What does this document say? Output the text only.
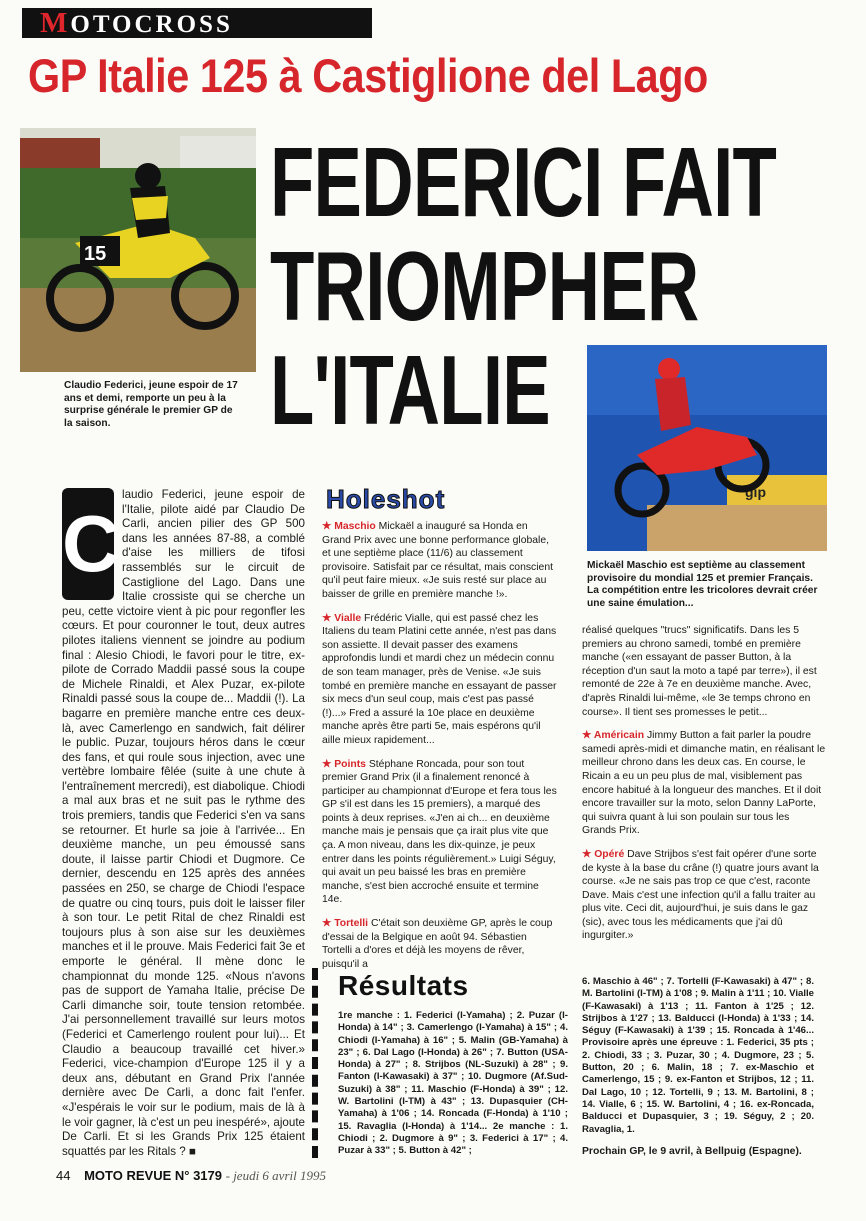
MOTOCROSS
GP Italie 125 à Castiglione del Lago
15
Claudio Federici, jeune espoir de 17 ans et demi, remporte un peu à la surprise générale le premier GP de la saison.
FEDERICI FAIT
TRIOMPHER
L'ITALIE
gip
Mickaël Maschio est septième au classement provisoire du mondial 125 et premier Français. La compétition entre les tricolores devrait créer une saine émulation...
C

laudio Federici, jeune espoir de l'Italie, pilote aidé par Claudio De Carli, ancien pilier des GP 500 dans les années 87-88, a comblé d'aise les milliers de tifosi rassemblés sur le circuit de Castiglione del Lago. Dans une Italie crossiste qui se cherche un peu, cette victoire vient à pic pour regonfler les cœurs. Et pour couronner le tout, deux autres pilotes italiens viennent se joindre au podium final : Alesio Chiodi, le favori pour le titre, ex-pilote de Corrado Maddii passé sous la coupe de Michele Rinaldi, et Alex Puzar, ex-pilote Rinaldi passé sous la coupe de... Maddii (!). La bagarre en première manche entre ces deux-là, avec Camerlengo en sandwich, fait délirer le public. Puzar, toujours héros dans le cœur des fans, et qui roule sous injection, avec une vertèbre lombaire fêlée (suite à une chute à l'entraînement mercredi), est diabolique. Chiodi a mal aux bras et ne suit pas le rythme des trois premiers, tandis que Federici s'en va sans se retourner. Et hurle sa joie à l'arrivée... En deuxième manche, un peu émoussé sans doute, il laisse partir Chiodi et Dugmore. Ce dernier, descendu en 125 après des années passées en 250, se charge de Chiodi l'espace de quatre ou cinq tours, puis doit le laisser filer à son tour. Le petit Rital de chez Rinaldi est toujours plus à son aise sur les deuxièmes manches et il le prouve. Mais Federici fait 3e et emporte le général. Il mène donc le championnat du monde 125. «Nous n'avons pas de support de Yamaha Italie, précise De Carli dimanche soir, toute tension retombée. J'ai personnellement travaillé sur leurs motos (Federici et Camerlengo roulent pour lui)... Et Claudio a beaucoup travaillé cet hiver.» Federici, vice-champion d'Europe 125 il y a deux ans, débutant en Grand Prix l'année dernière avec De Carli, a donc fait l'enfer. «J'espérais le voir sur le podium, mais de là à le voir gagner, là c'est un peu inespéré», ajoute De Carli. Et si les Grands Prix 125 étaient squattés par les Ritals ? ■

Holeshot

★ Maschio Mickaël a inauguré sa Honda en Grand Prix avec une bonne performance globale, et une septième place (11/6) au classement provisoire. Satisfait par ce résultat, mais conscient qu'il peut faire mieux. «Je suis resté sur place au baisser de grille en première manche !».

★ Vialle Frédéric Vialle, qui est passé chez les Italiens du team Platini cette année, n'est pas dans son assiette. Il devait passer des examens approfondis lundi et mardi chez un médecin connu de son team manager, près de Venise. «Je suis tombé en première manche en essayant de passer six mecs d'un seul coup, mais c'est pas passé (!)...» Fred a assuré la 10e place en deuxième manche après être parti 5e, mais espérons qu'il aille mieux rapidement...

★ Points Stéphane Roncada, pour son tout premier Grand Prix (il a finalement renoncé à participer au championnat d'Europe et fera tous les GP s'il est dans les 15 premiers), a marqué des points à deux reprises. «J'en ai ch... en deuxième manche mais je pensais que ça irait plus vite que ça. A mon niveau, dans les dix-quinze, je peux entrer dans les points régulièrement.» Luigi Séguy, qui avait un peu baissé les bras en première manche, s'est bien accroché ensuite et termine 14e.

★ Tortelli C'était son deuxième GP, après le coup d'essai de la Belgique en août 94. Sébastien Tortelli a d'ores et déjà les moyens de rêver, puisqu'il a

réalisé quelques "trucs" significatifs. Dans les 5 premiers au chrono samedi, tombé en première manche («en essayant de passer Button, à la réception d'un saut la moto a tapé par terre»), il est remonté de 22e à 7e en deuxième manche. Avec, d'après Rinaldi lui-même, «le 3e temps chrono en course». Il tient ses promesses le petit...

★ Américain Jimmy Button a fait parler la poudre samedi après-midi et dimanche matin, en réalisant le meilleur chrono dans les deux cas. En course, le Ricain a eu un peu plus de mal, visiblement pas encore habitué à la longueur des manches. Et il doit encore travailler sur la moto, selon Danny LaPorte, qui suivra quant à lui son poulain sur tous les Grands Prix.

★ Opéré Dave Strijbos s'est fait opérer d'une sorte de kyste à la base du crâne (!) quatre jours avant la course. «Je ne sais pas trop ce que c'est, raconte Dave. Mais c'est une infection qu'il a fallu traiter au plus vite. Ceci dit, aujourd'hui, je suis dans le gaz (sic), avec tous les médicaments que j'ai dû ingurgiter.»

Résultats
1re manche : 1. Federici (I-Yamaha) ; 2. Puzar (I-Honda) à 14" ; 3. Camerlengo (I-Yamaha) à 15" ; 4. Chiodi (I-Yamaha) à 16" ; 5. Malin (GB-Yamaha) à 23" ; 6. Dal Lago (I-Honda) à 26" ; 7. Button (USA-Honda) à 27" ; 8. Strijbos (NL-Suzuki) à 28" ; 9. Fanton (I-Kawasaki) à 37" ; 10. Dugmore (Af.Sud-Suzuki) à 38" ; 11. Maschio (F-Honda) à 39" ; 12. W. Bartolini (I-TM) à 43" ; 13. Dupasquier (CH-Yamaha) à 1'06 ; 14. Roncada (F-Honda) à 1'10 ; 15. Ravaglia (I-Honda) à 1'14... 2e manche : 1. Chiodi ; 2. Dugmore à 9" ; 3. Federici à 17" ; 4. Puzar à 33" ; 5. Button à 42" ;
6. Maschio à 46" ; 7. Tortelli (F-Kawasaki) à 47" ; 8. M. Bartolini (I-TM) à 1'08 ; 9. Malin à 1'11 ; 10. Vialle (F-Kawasaki) à 1'13 ; 11. Fanton à 1'25 ; 12. Strijbos à 1'27 ; 13. Balducci (I-Honda) à 1'33 ; 14. Séguy (F-Kawasaki) à 1'39 ; 15. Roncada à 1'46... Provisoire après une épreuve : 1. Federici, 35 pts ; 2. Chiodi, 33 ; 3. Puzar, 30 ; 4. Dugmore, 23 ; 5. Button, 20 ; 6. Malin, 18 ; 7. ex-Maschio et Camerlengo, 15 ; 9. ex-Fanton et Strijbos, 12 ; 11. Dal Lago, 10 ; 12. Tortelli, 9 ; 13. M. Bartolini, 8 ; 14. Vialle, 6 ; 15. W. Bartolini, 4 ; 16. ex-Roncada, Balducci et Dupasquier, 3 ; 19. Séguy, 2 ; 20. Ravaglia, 1.
Prochain GP, le 9 avril, à Bellpuig (Espagne).
44 MOTO REVUE N° 3179 - jeudi 6 avril 1995
